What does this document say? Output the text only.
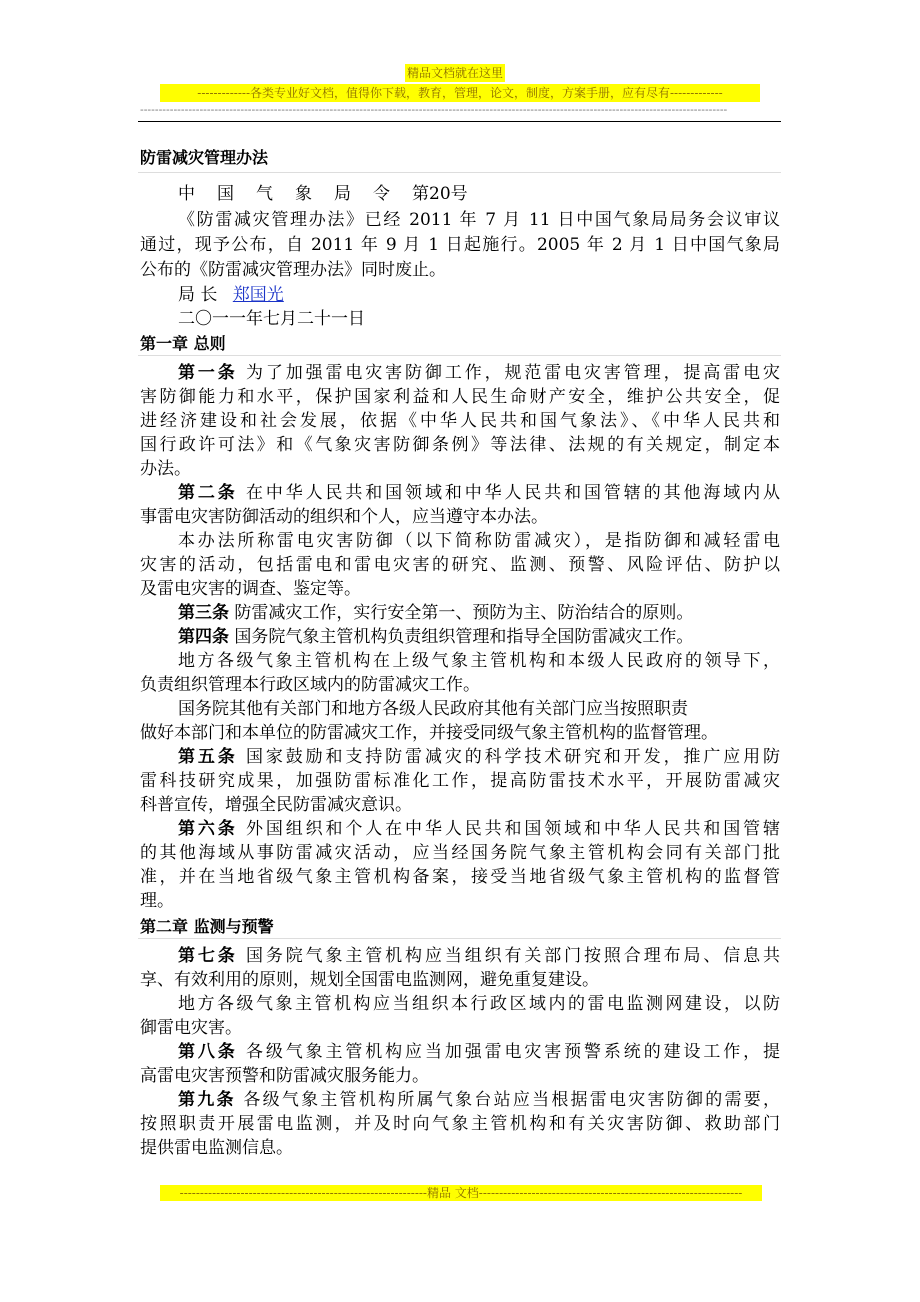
精品文档就在这里
-------------各类专业好文档，值得你下载，教育，管理，论文，制度，方案手册，应有尽有-------------
--------------------------------------------------------------------------------------------------------------------------------------------------------------
防雷减灾管理办法
中 国 气 象 局 令 第20号
《防雷减灾管理办法》已经 2011 年 7 月 11 日中国气象局局务会议审议
通过，现予公布，自 2011 年 9 月 1 日起施行。2005 年 2 月 1 日中国气象局
公布的《防雷减灾管理办法》同时废止。
局 长 郑国光
二〇一一年七月二十一日
第一章 总则
第一条 为了加强雷电灾害防御工作，规范雷电灾害管理，提高雷电灾
害防御能力和水平，保护国家利益和人民生命财产安全，维护公共安全，促
进经济建设和社会发展，依据《中华人民共和国气象法》、《中华人民共和
国行政许可法》和《气象灾害防御条例》等法律、法规的有关规定，制定本
办法。
第二条 在中华人民共和国领域和中华人民共和国管辖的其他海域内从
事雷电灾害防御活动的组织和个人，应当遵守本办法。
本办法所称雷电灾害防御（以下简称防雷减灾），是指防御和减轻雷电
灾害的活动，包括雷电和雷电灾害的研究、监测、预警、风险评估、防护以
及雷电灾害的调查、鉴定等。
第三条 防雷减灾工作，实行安全第一、预防为主、防治结合的原则。
第四条 国务院气象主管机构负责组织管理和指导全国防雷减灾工作。
地方各级气象主管机构在上级气象主管机构和本级人民政府的领导下，
负责组织管理本行政区域内的防雷减灾工作。
国务院其他有关部门和地方各级人民政府其他有关部门应当按照职责
做好本部门和本单位的防雷减灾工作，并接受同级气象主管机构的监督管理。
第五条 国家鼓励和支持防雷减灾的科学技术研究和开发，推广应用防
雷科技研究成果，加强防雷标准化工作，提高防雷技术水平，开展防雷减灾
科普宣传，增强全民防雷减灾意识。
第六条 外国组织和个人在中华人民共和国领域和中华人民共和国管辖
的其他海域从事防雷减灾活动，应当经国务院气象主管机构会同有关部门批
准，并在当地省级气象主管机构备案，接受当地省级气象主管机构的监督管
理。
第二章 监测与预警
第七条 国务院气象主管机构应当组织有关部门按照合理布局、信息共
享、有效利用的原则，规划全国雷电监测网，避免重复建设。
地方各级气象主管机构应当组织本行政区域内的雷电监测网建设，以防
御雷电灾害。
第八条 各级气象主管机构应当加强雷电灾害预警系统的建设工作，提
高雷电灾害预警和防雷减灾服务能力。
第九条 各级气象主管机构所属气象台站应当根据雷电灾害防御的需要，
按照职责开展雷电监测，并及时向气象主管机构和有关灾害防御、救助部门
提供雷电监测信息。
-------------------------------------------------------------精品 文档-----------------------------------------------------------------
